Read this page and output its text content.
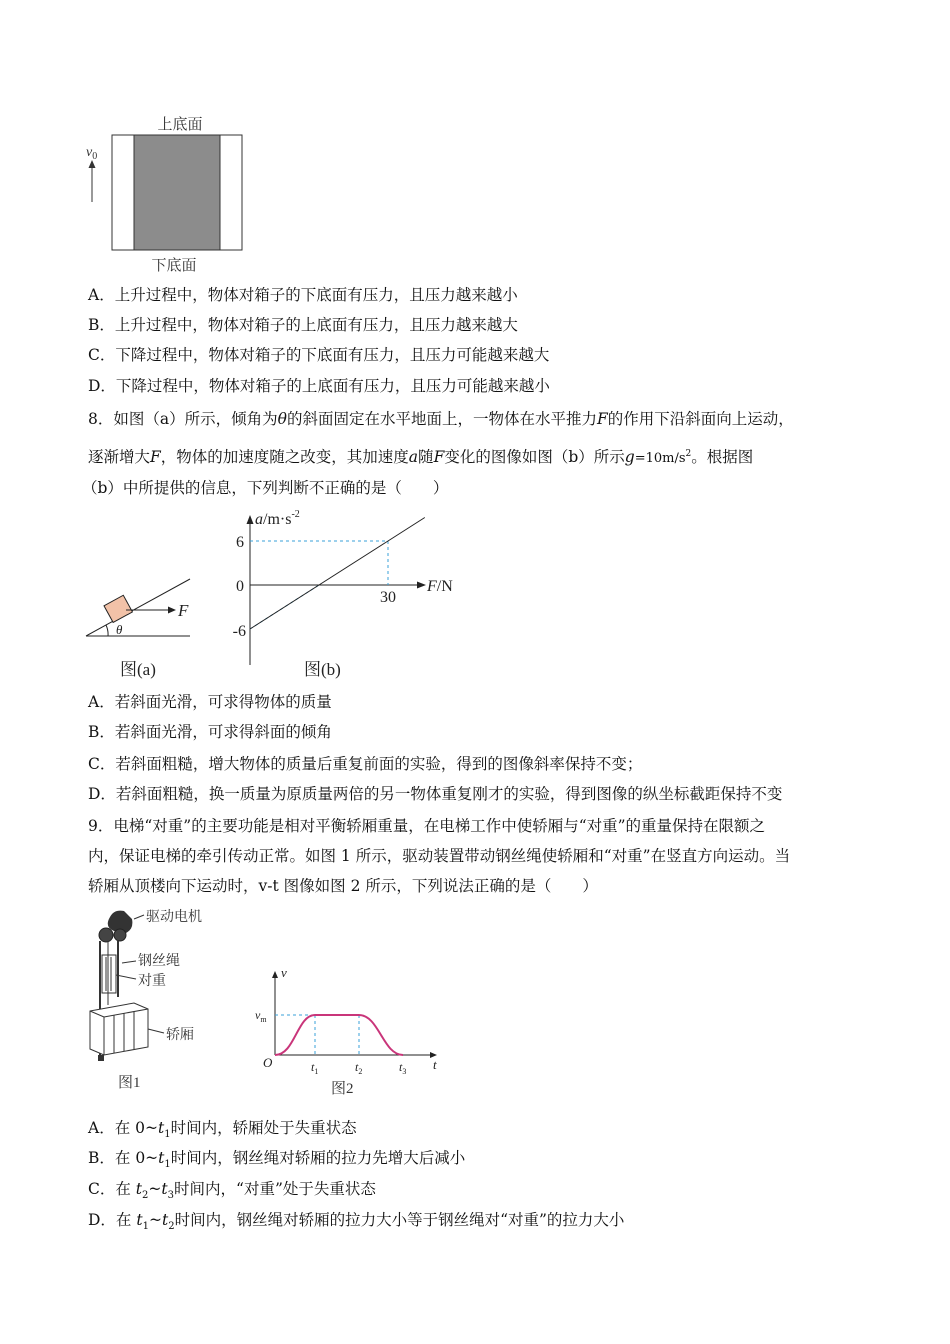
上底面
$v_0$
下底面
A．上升过程中，物体对箱子的下底面有压力，且压力越来越小
B．上升过程中，物体对箱子的上底面有压力，且压力越来越大
C．下降过程中，物体对箱子的下底面有压力，且压力可能越来越大
D．下降过程中，物体对箱子的上底面有压力，且压力可能越来越小
8．如图（a）所示，倾角为θ的斜面固定在水平地面上，一物体在水平推力F的作用下沿斜面向上运动，
逐渐增大F，物体的加速度随之改变，其加速度a随F变化的图像如图（b）所示$g=10m/s^2$。根据图
（b）中所提供的信息，下列判断不正确的是（　　）
F
θ
图(a)
$a/m\cdot s^{-2}$
F/N
6
0
-6
30
图(b)
A．若斜面光滑，可求得物体的质量
B．若斜面光滑，可求得斜面的倾角
C．若斜面粗糙，增大物体的质量后重复前面的实验，得到的图像斜率保持不变；
D．若斜面粗糙，换一质量为原质量两倍的另一物体重复刚才的实验，得到图像的纵坐标截距保持不变
9．电梯“对重”的主要功能是相对平衡轿厢重量，在电梯工作中使轿厢与“对重”的重量保持在限额之
内，保证电梯的牵引传动正常。如图 1 所示，驱动装置带动钢丝绳使轿厢和“对重”在竖直方向运动。当
轿厢从顶楼向下运动时，v-t 图像如图 2 所示，下列说法正确的是（　　）
驱动电机
钢丝绳
对重
轿厢
图1
v
t
O
$v_m$
$t_1$	$t_2$	$t_3$
图2
A．在 $0\sim t_1$时间内，轿厢处于失重状态
B．在 $0\sim t_1$时间内，钢丝绳对轿厢的拉力先增大后减小
C．在 $t_2\sim t_3$时间内，“对重”处于失重状态
D．在 $t_1\sim t_2$时间内，钢丝绳对轿厢的拉力大小等于钢丝绳对“对重”的拉力大小
